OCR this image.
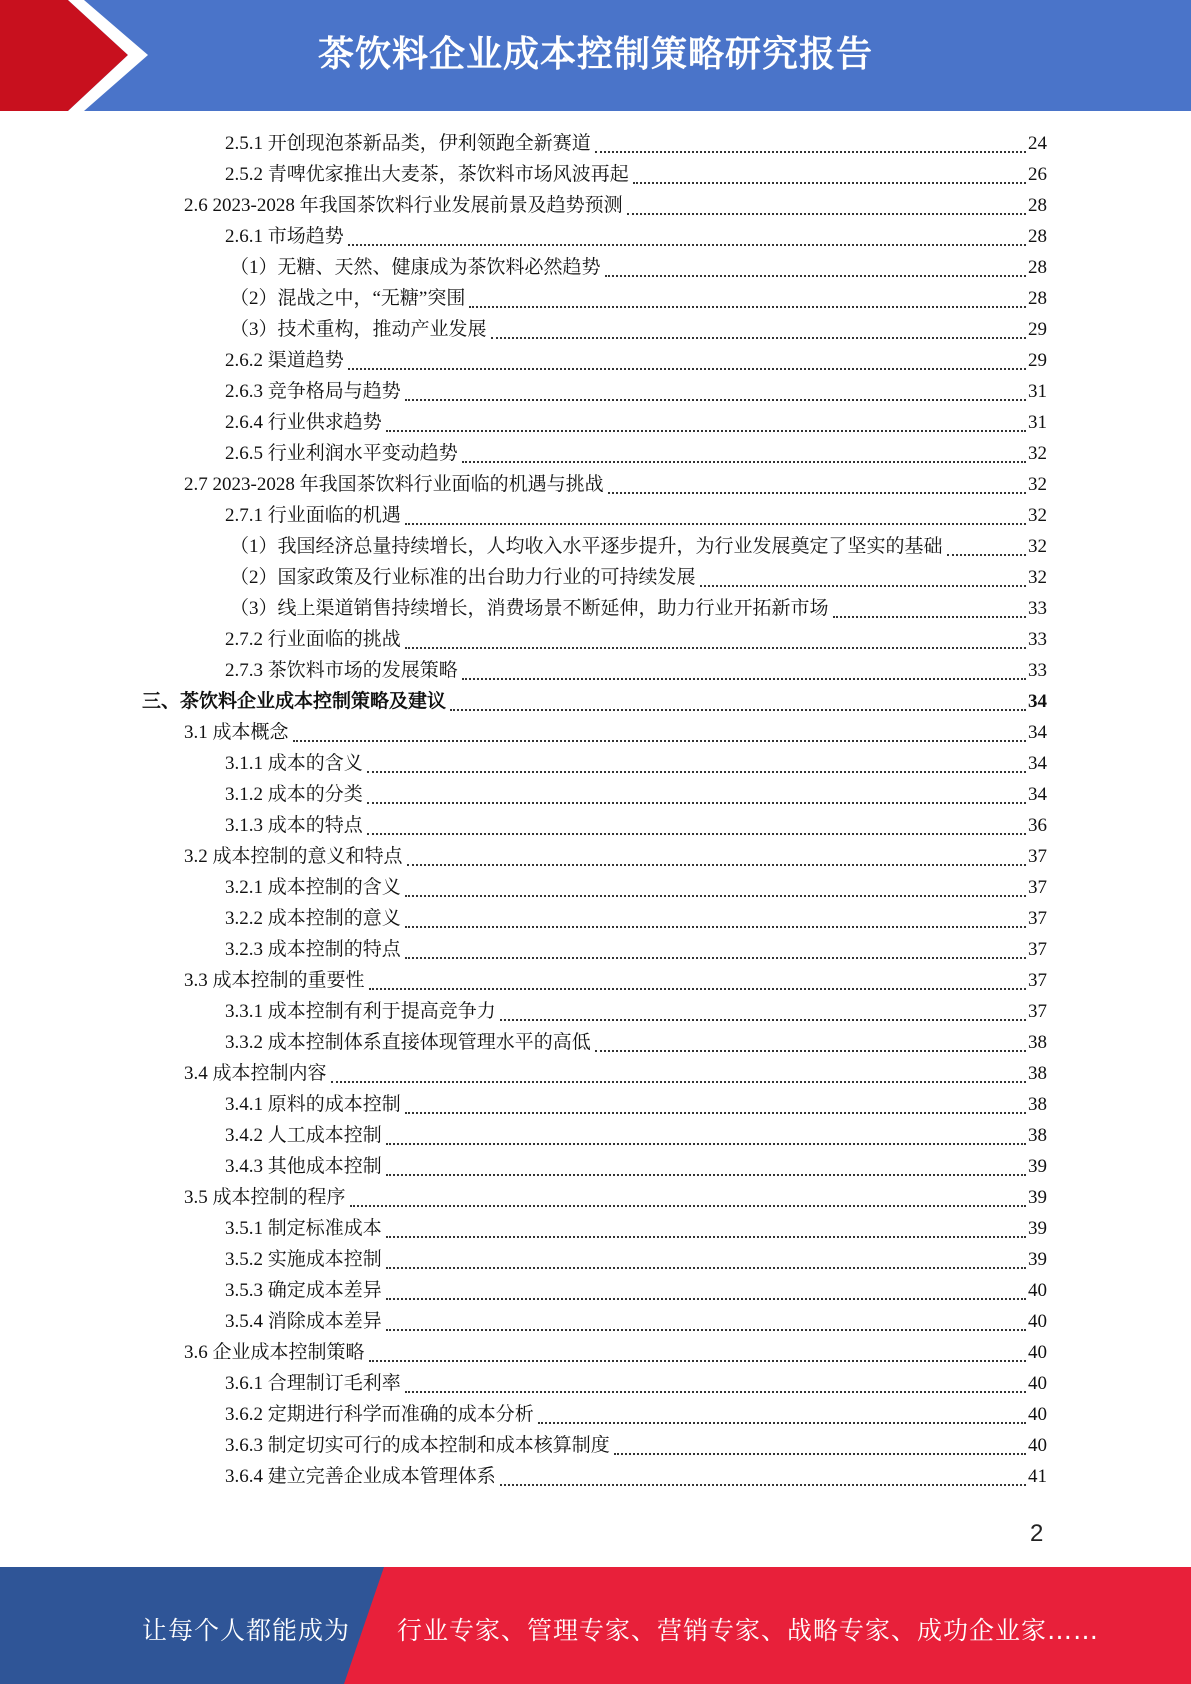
茶饮料企业成本控制策略研究报告
2.5.1 开创现泡茶新品类，伊利领跑全新赛道	24
2.5.2 青啤优家推出大麦茶，茶饮料市场风波再起	26
2.6 2023-2028 年我国茶饮料行业发展前景及趋势预测	28
2.6.1 市场趋势	28
（1）无糖、天然、健康成为茶饮料必然趋势	28
（2）混战之中，“无糖”突围	28
（3）技术重构，推动产业发展	29
2.6.2 渠道趋势	29
2.6.3 竞争格局与趋势	31
2.6.4 行业供求趋势	31
2.6.5 行业利润水平变动趋势	32
2.7 2023-2028 年我国茶饮料行业面临的机遇与挑战	32
2.7.1 行业面临的机遇	32
（1）我国经济总量持续增长，人均收入水平逐步提升，为行业发展奠定了坚实的基础	32
（2）国家政策及行业标准的出台助力行业的可持续发展	32
（3）线上渠道销售持续增长，消费场景不断延伸，助力行业开拓新市场	33
2.7.2 行业面临的挑战	33
2.7.3 茶饮料市场的发展策略	33
三、茶饮料企业成本控制策略及建议	34
3.1 成本概念	34
3.1.1 成本的含义	34
3.1.2 成本的分类	34
3.1.3 成本的特点	36
3.2 成本控制的意义和特点	37
3.2.1 成本控制的含义	37
3.2.2 成本控制的意义	37
3.2.3 成本控制的特点	37
3.3 成本控制的重要性	37
3.3.1 成本控制有利于提高竞争力	37
3.3.2 成本控制体系直接体现管理水平的高低	38
3.4 成本控制内容	38
3.4.1 原料的成本控制	38
3.4.2 人工成本控制	38
3.4.3 其他成本控制	39
3.5 成本控制的程序	39
3.5.1 制定标准成本	39
3.5.2 实施成本控制	39
3.5.3 确定成本差异	40
3.5.4 消除成本差异	40
3.6 企业成本控制策略	40
3.6.1 合理制订毛利率	40
3.6.2 定期进行科学而准确的成本分析	40
3.6.3 制定切实可行的成本控制和成本核算制度	40
3.6.4 建立完善企业成本管理体系	41
2
让每个人都能成为 行业专家、管理专家、营销专家、战略专家、成功企业家……
